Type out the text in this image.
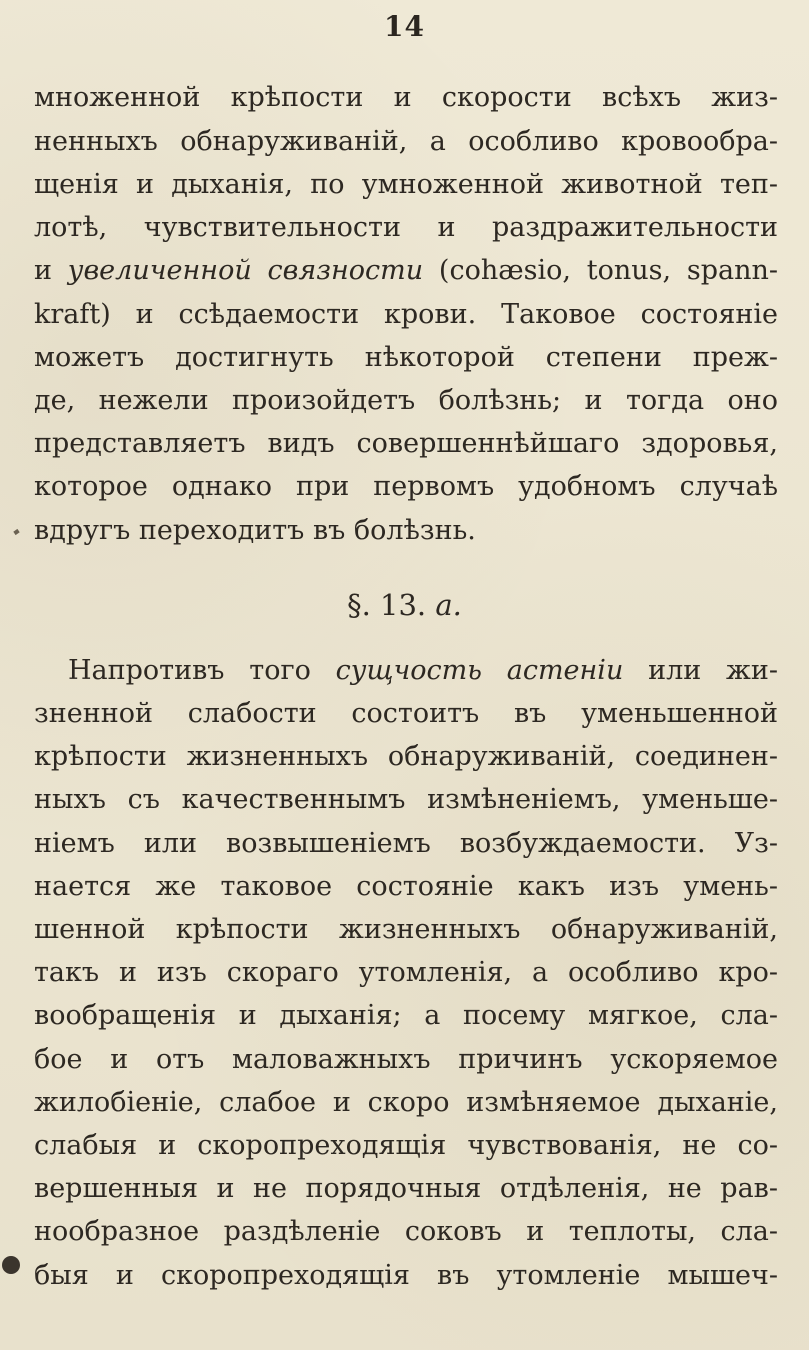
14
множенной крѣпости и скорости всѣхъ жиз-
ненныхъ обнаруживаній, а особливо кровообра-
щенія и дыханія, по умноженной животной теп-
лотѣ, чувствительности и раздражительности
и увеличенной связности (cohæsio, tonus, spann-
kraft) и ссѣдаемости крови. Таковое состояніе
можетъ достигнуть нѣкоторой степени преж-
де, нежели произойдетъ болѣзнь; и тогда оно
представляетъ видъ совершеннѣйшаго здоровья,
которое однако при первомъ удобномъ случаѣ
вдругъ переходитъ въ болѣзнь.
§. 13. a.
Напротивъ того сущчость астеніи или жи-
зненной слабости состоитъ въ уменьшенной
крѣпости жизненныхъ обнаруживаній, соединен-
ныхъ съ качественнымъ измѣненіемъ, уменьше-
ніемъ или возвышеніемъ возбуждаемости. Уз-
нается же таковое состояніе какъ изъ умень-
шенной крѣпости жизненныхъ обнаруживаній,
такъ и изъ скораго утомленія, а особливо кро-
вообращенія и дыханія; а посему мягкое, сла-
бое и отъ маловажныхъ причинъ ускоряемое
жилобіеніе, слабое и скоро измѣняемое дыханіе,
слабыя и скоропреходящія чувствованія, не со-
вершенныя и не порядочныя отдѣленія, не рав-
нообразное раздѣленіе соковъ и теплоты, сла-
быя и скоропреходящія въ утомленіе мышеч-
